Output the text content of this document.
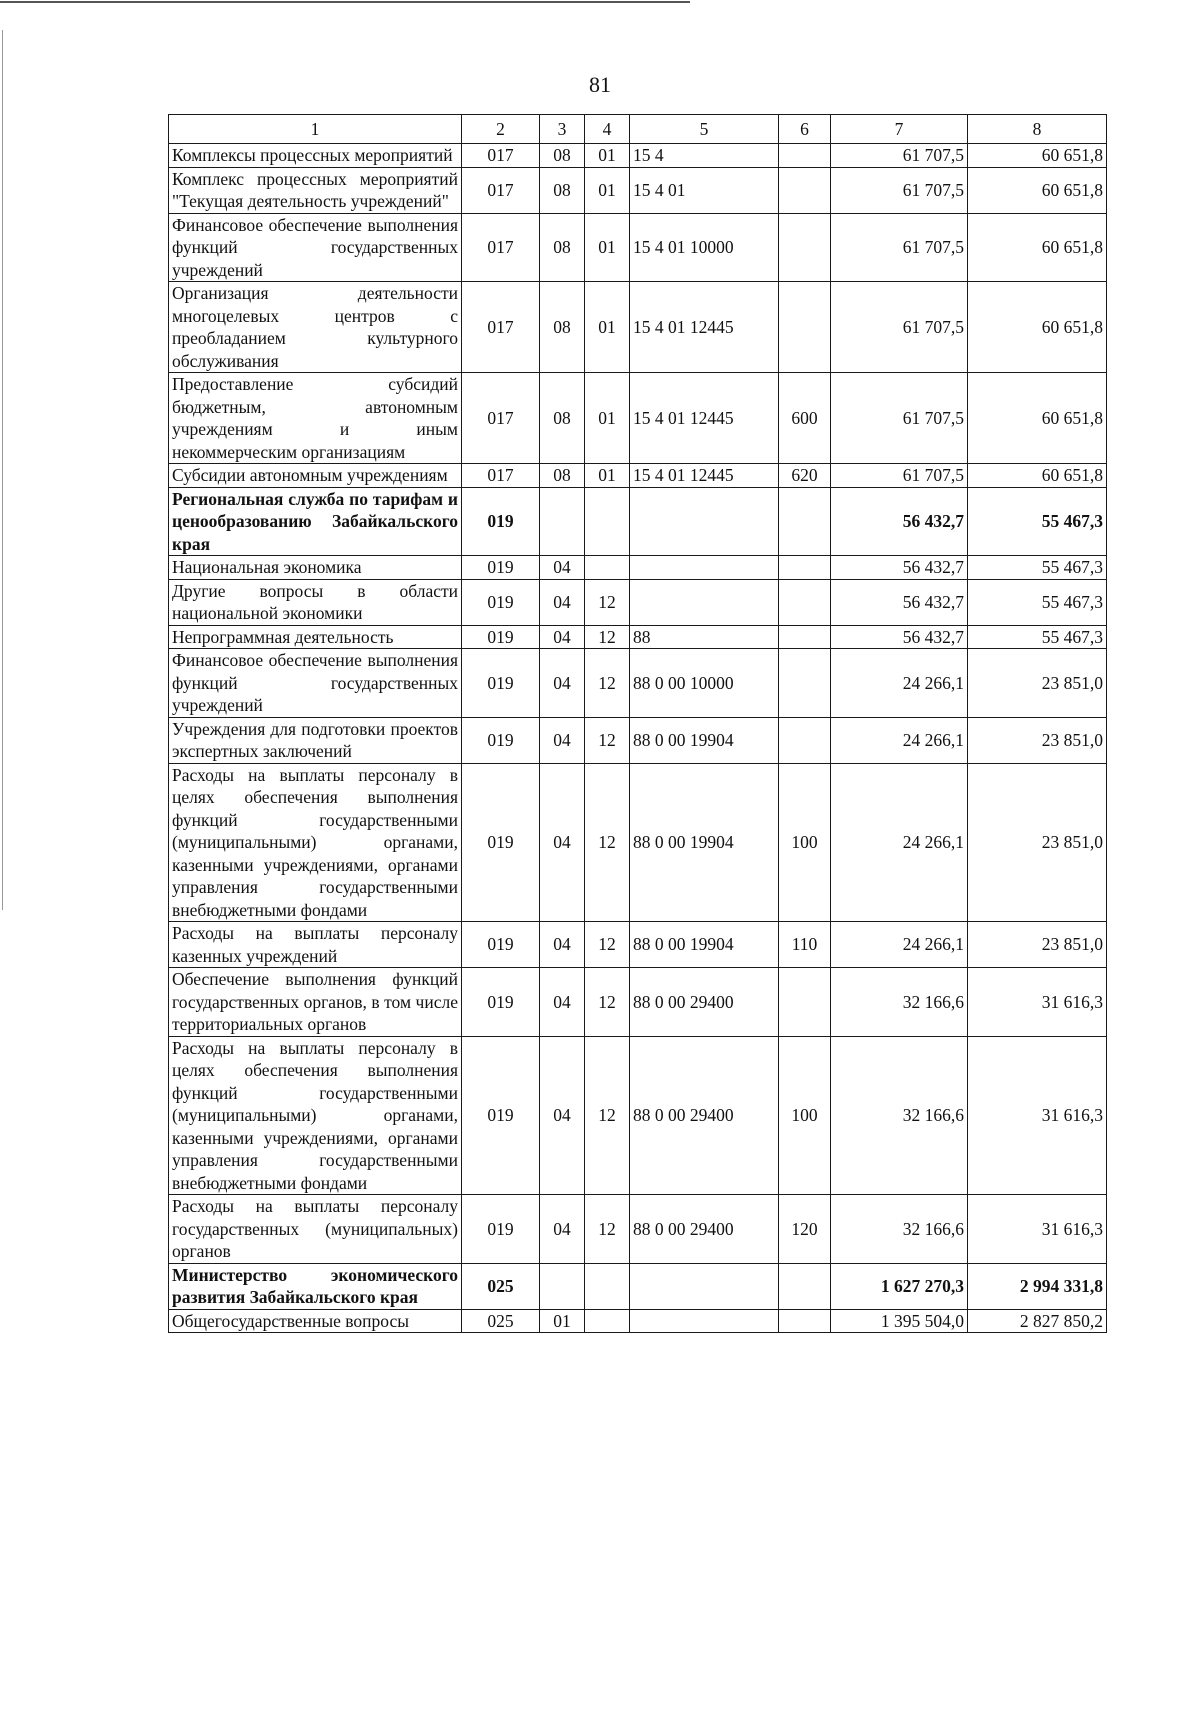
81
1	2	3	4	5	6	7	8
Комплексы процессных мероприятий	017	08	01	15 4		61 707,5	60 651,8
Комплекс процессных мероприятий "Текущая деятельность учреждений"	017	08	01	15 4 01		61 707,5	60 651,8
Финансовое обеспечение выполнения функций государственных учреждений	017	08	01	15 4 01 10000		61 707,5	60 651,8
Организация деятельности многоцелевых центров с преобладанием культурного обслуживания	017	08	01	15 4 01 12445		61 707,5	60 651,8
Предоставление субсидий бюджетным, автономным учреждениям и иным некоммерческим организациям	017	08	01	15 4 01 12445	600	61 707,5	60 651,8
Субсидии автономным учреждениям	017	08	01	15 4 01 12445	620	61 707,5	60 651,8
Региональная служба по тарифам и ценообразованию Забайкальского края	019					56 432,7	55 467,3
Национальная экономика	019	04				56 432,7	55 467,3
Другие вопросы в области национальной экономики	019	04	12			56 432,7	55 467,3
Непрограммная деятельность	019	04	12	88		56 432,7	55 467,3
Финансовое обеспечение выполнения функций государственных учреждений	019	04	12	88 0 00 10000		24 266,1	23 851,0
Учреждения для подготовки проектов экспертных заключений	019	04	12	88 0 00 19904		24 266,1	23 851,0
Расходы на выплаты персоналу в целях обеспечения выполнения функций государственными (муниципальными) органами, казенными учреждениями, органами управления государственными внебюджетными фондами	019	04	12	88 0 00 19904	100	24 266,1	23 851,0
Расходы на выплаты персоналу казенных учреждений	019	04	12	88 0 00 19904	110	24 266,1	23 851,0
Обеспечение выполнения функций государственных органов, в том числе территориальных органов	019	04	12	88 0 00 29400		32 166,6	31 616,3
Расходы на выплаты персоналу в целях обеспечения выполнения функций государственными (муниципальными) органами, казенными учреждениями, органами управления государственными внебюджетными фондами	019	04	12	88 0 00 29400	100	32 166,6	31 616,3
Расходы на выплаты персоналу государственных (муниципальных) органов	019	04	12	88 0 00 29400	120	32 166,6	31 616,3
Министерство экономического развития Забайкальского края	025					1 627 270,3	2 994 331,8
Общегосударственные вопросы	025	01				1 395 504,0	2 827 850,2
